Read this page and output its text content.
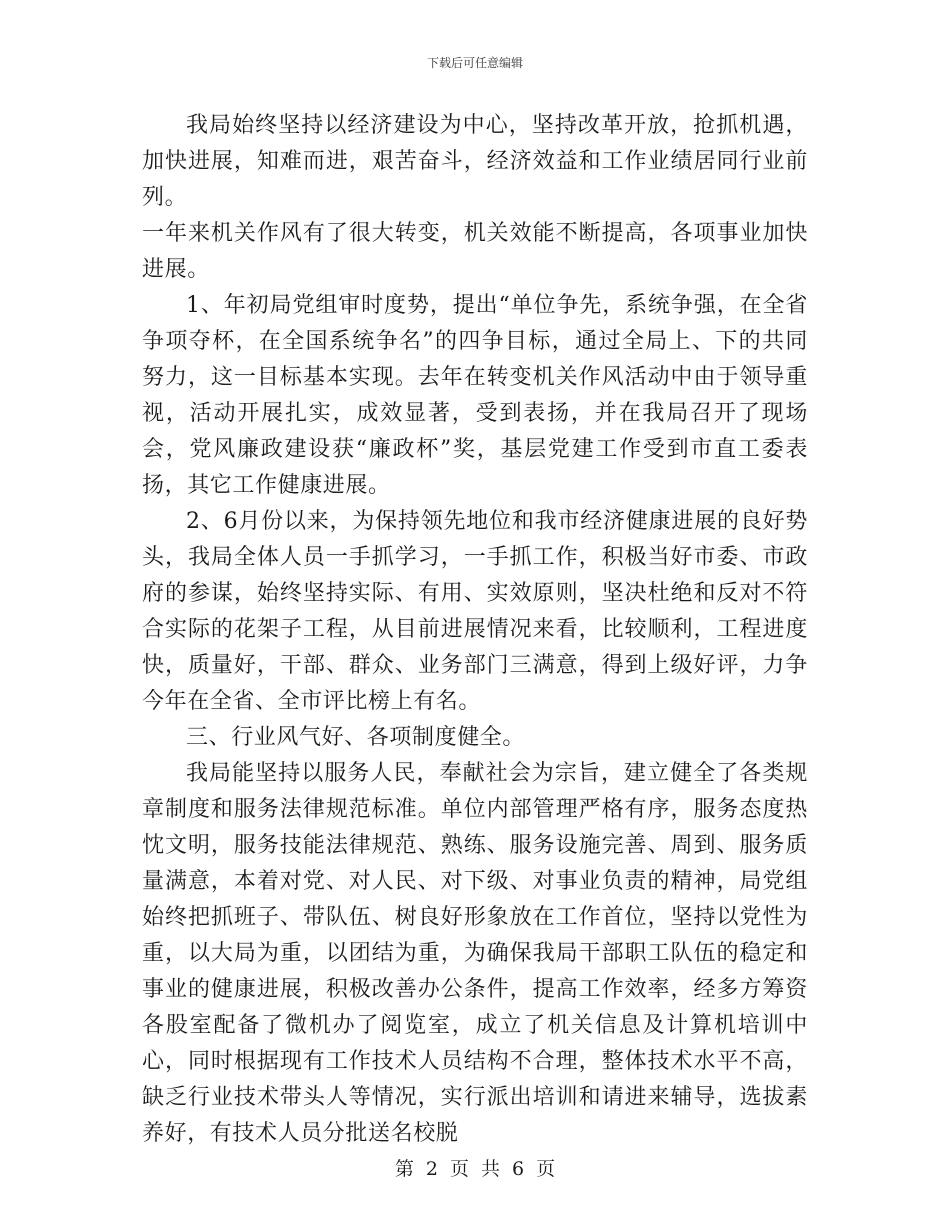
下载后可任意编辑

我局始终坚持以经济建设为中心，坚持改革开放，抢抓机遇，加快进展，知难而进，艰苦奋斗，经济效益和工作业绩居同行业前列。

一年来机关作风有了很大转变，机关效能不断提高，各项事业加快进展。

1、年初局党组审时度势，提出“单位争先，系统争强，在全省争项夺杯，在全国系统争名”的四争目标，通过全局上、下的共同努力，这一目标基本实现。去年在转变机关作风活动中由于领导重视，活动开展扎实，成效显著，受到表扬，并在我局召开了现场会，党风廉政建设获“廉政杯”奖，基层党建工作受到市直工委表扬，其它工作健康进展。

2、6月份以来，为保持领先地位和我市经济健康进展的良好势头，我局全体人员一手抓学习，一手抓工作，积极当好市委、市政府的参谋，始终坚持实际、有用、实效原则，坚决杜绝和反对不符合实际的花架子工程，从目前进展情况来看，比较顺利，工程进度快，质量好，干部、群众、业务部门三满意，得到上级好评，力争今年在全省、全市评比榜上有名。

三、行业风气好、各项制度健全。

我局能坚持以服务人民，奉献社会为宗旨，建立健全了各类规章制度和服务法律规范标准。单位内部管理严格有序，服务态度热忱文明，服务技能法律规范、熟练、服务设施完善、周到、服务质量满意，本着对党、对人民、对下级、对事业负责的精神，局党组始终把抓班子、带队伍、树良好形象放在工作首位，坚持以党性为重，以大局为重，以团结为重，为确保我局干部职工队伍的稳定和事业的健康进展，积极改善办公条件，提高工作效率，经多方筹资各股室配备了微机办了阅览室，成立了机关信息及计算机培训中心，同时根据现有工作技术人员结构不合理，整体技术水平不高，缺乏行业技术带头人等情况，实行派出培训和请进来辅导，选拔素养好，有技术人员分批送名校脱

第 2 页 共 6 页
